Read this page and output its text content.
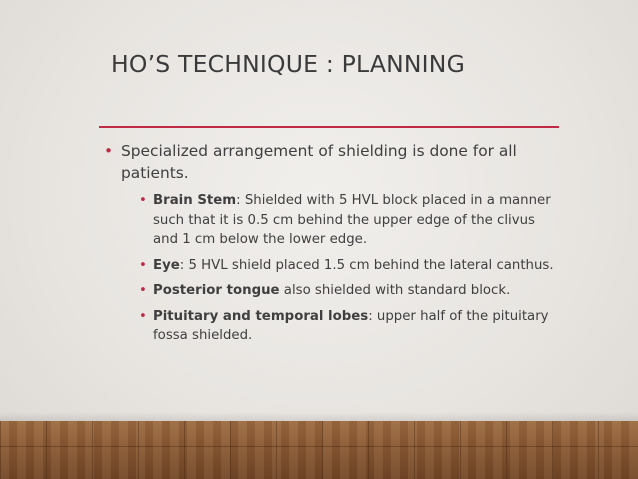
HO’S TECHNIQUE : PLANNING
• Specialized arrangement of shielding is done for all patients.
• Brain Stem: Shielded with 5 HVL block placed in a manner such that it is 0.5 cm behind the upper edge of the clivus and 1 cm below the lower edge.
• Eye: 5 HVL shield placed 1.5 cm behind the lateral canthus.
• Posterior tongue also shielded with standard block.
• Pituitary and temporal lobes: upper half of the pituitary fossa shielded.
